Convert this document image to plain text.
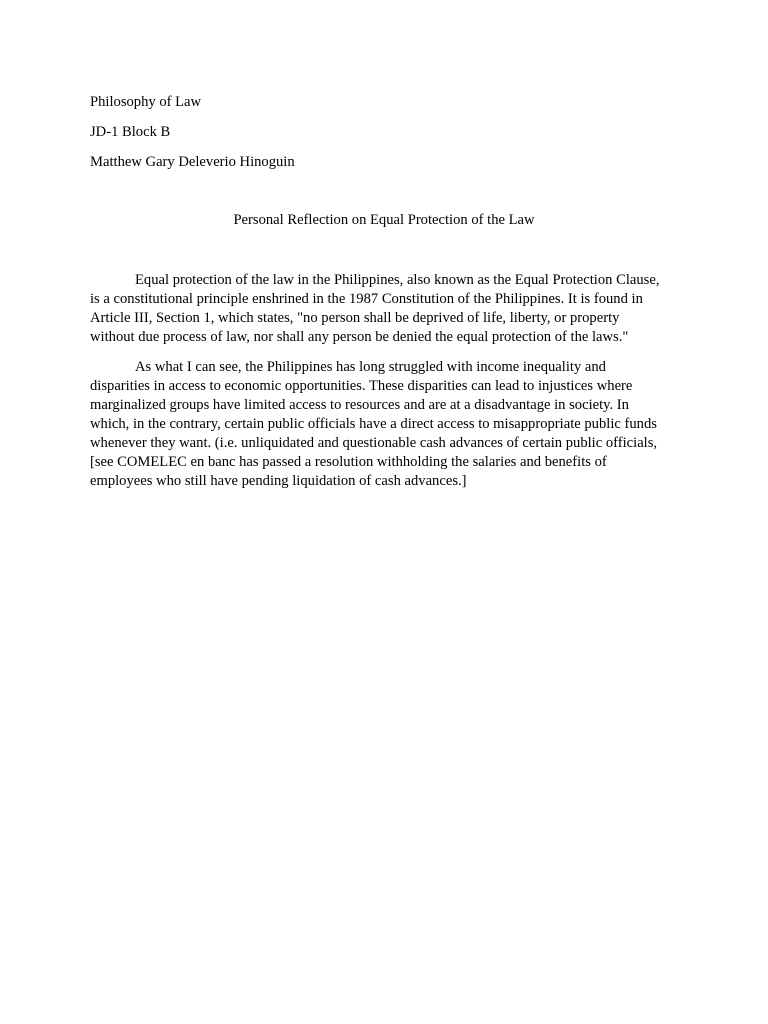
Philosophy of Law
JD-1 Block B
Matthew Gary Deleverio Hinoguin
Personal Reflection on Equal Protection of the Law
Equal protection of the law in the Philippines, also known as the Equal Protection Clause,
is a constitutional principle enshrined in the 1987 Constitution of the Philippines. It is found in
Article III, Section 1, which states, "no person shall be deprived of life, liberty, or property
without due process of law, nor shall any person be denied the equal protection of the laws."
As what I can see, the Philippines has long struggled with income inequality and
disparities in access to economic opportunities. These disparities can lead to injustices where
marginalized groups have limited access to resources and are at a disadvantage in society. In
which, in the contrary, certain public officials have a direct access to misappropriate public funds
whenever they want. (i.e. unliquidated and questionable cash advances of certain public officials,
[see COMELEC en banc has passed a resolution withholding the salaries and benefits of
employees who still have pending liquidation of cash advances.]
